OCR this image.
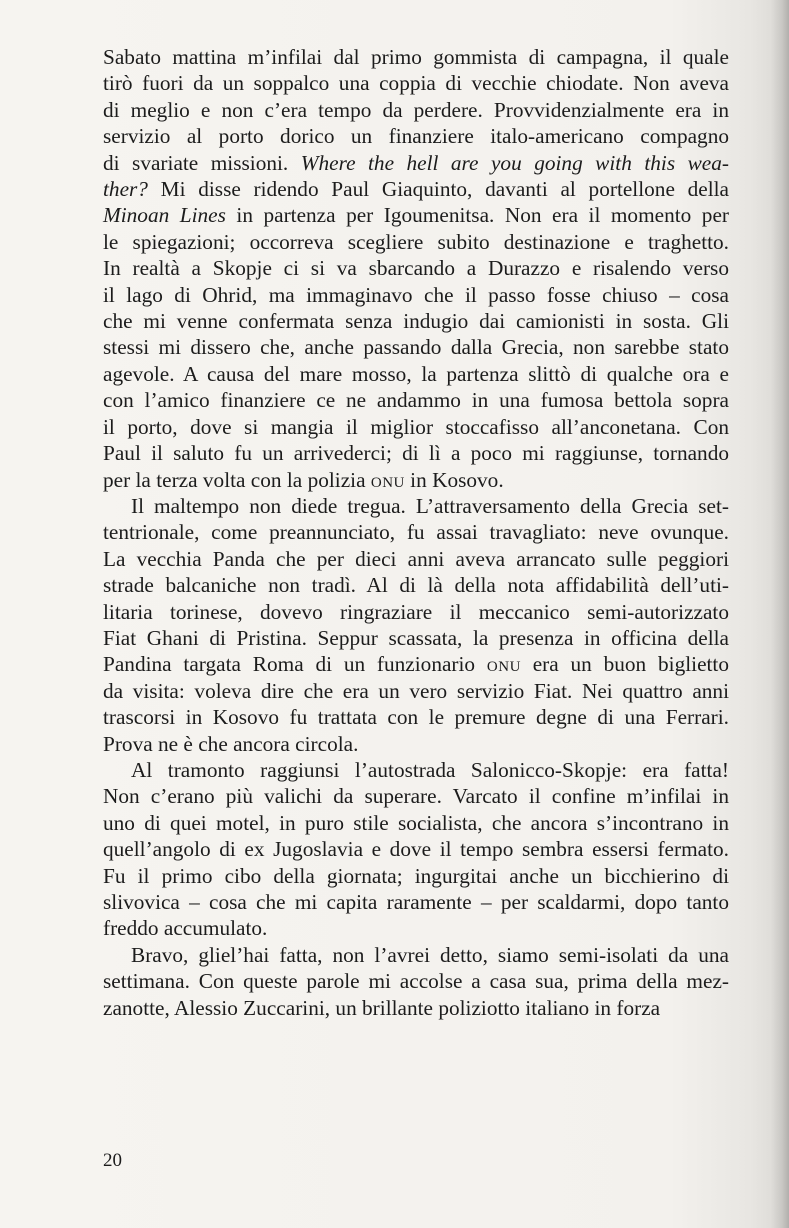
Sabato mattina m’infilai dal primo gommista di campagna, il quale
tirò fuori da un soppalco una coppia di vecchie chiodate. Non aveva
di meglio e non c’era tempo da perdere. Provvidenzialmente era in
servizio al porto dorico un finanziere italo-americano compagno
di svariate missioni. Where the hell are you going with this wea-
ther? Mi disse ridendo Paul Giaquinto, davanti al portellone della
Minoan Lines in partenza per Igoumenitsa. Non era il momento per
le spiegazioni; occorreva scegliere subito destinazione e traghetto.
In realtà a Skopje ci si va sbarcando a Durazzo e risalendo verso
il lago di Ohrid, ma immaginavo che il passo fosse chiuso – cosa
che mi venne confermata senza indugio dai camionisti in sosta. Gli
stessi mi dissero che, anche passando dalla Grecia, non sarebbe stato
agevole. A causa del mare mosso, la partenza slittò di qualche ora e
con l’amico finanziere ce ne andammo in una fumosa bettola sopra
il porto, dove si mangia il miglior stoccafisso all’anconetana. Con
Paul il saluto fu un arrivederci; di lì a poco mi raggiunse, tornando
per la terza volta con la polizia onu in Kosovo.

Il maltempo non diede tregua. L’attraversamento della Grecia set-
tentrionale, come preannunciato, fu assai travagliato: neve ovunque.
La vecchia Panda che per dieci anni aveva arrancato sulle peggiori
strade balcaniche non tradì. Al di là della nota affidabilità dell’uti-
litaria torinese, dovevo ringraziare il meccanico semi-autorizzato
Fiat Ghani di Pristina. Seppur scassata, la presenza in officina della
Pandina targata Roma di un funzionario onu era un buon biglietto
da visita: voleva dire che era un vero servizio Fiat. Nei quattro anni
trascorsi in Kosovo fu trattata con le premure degne di una Ferrari.
Prova ne è che ancora circola.

Al tramonto raggiunsi l’autostrada Salonicco-Skopje: era fatta!
Non c’erano più valichi da superare. Varcato il confine m’infilai in
uno di quei motel, in puro stile socialista, che ancora s’incontrano in
quell’angolo di ex Jugoslavia e dove il tempo sembra essersi fermato.
Fu il primo cibo della giornata; ingurgitai anche un bicchierino di
slivovica – cosa che mi capita raramente – per scaldarmi, dopo tanto
freddo accumulato.

Bravo, gliel’hai fatta, non l’avrei detto, siamo semi-isolati da una
settimana. Con queste parole mi accolse a casa sua, prima della mez-
zanotte, Alessio Zuccarini, un brillante poliziotto italiano in forza

20
